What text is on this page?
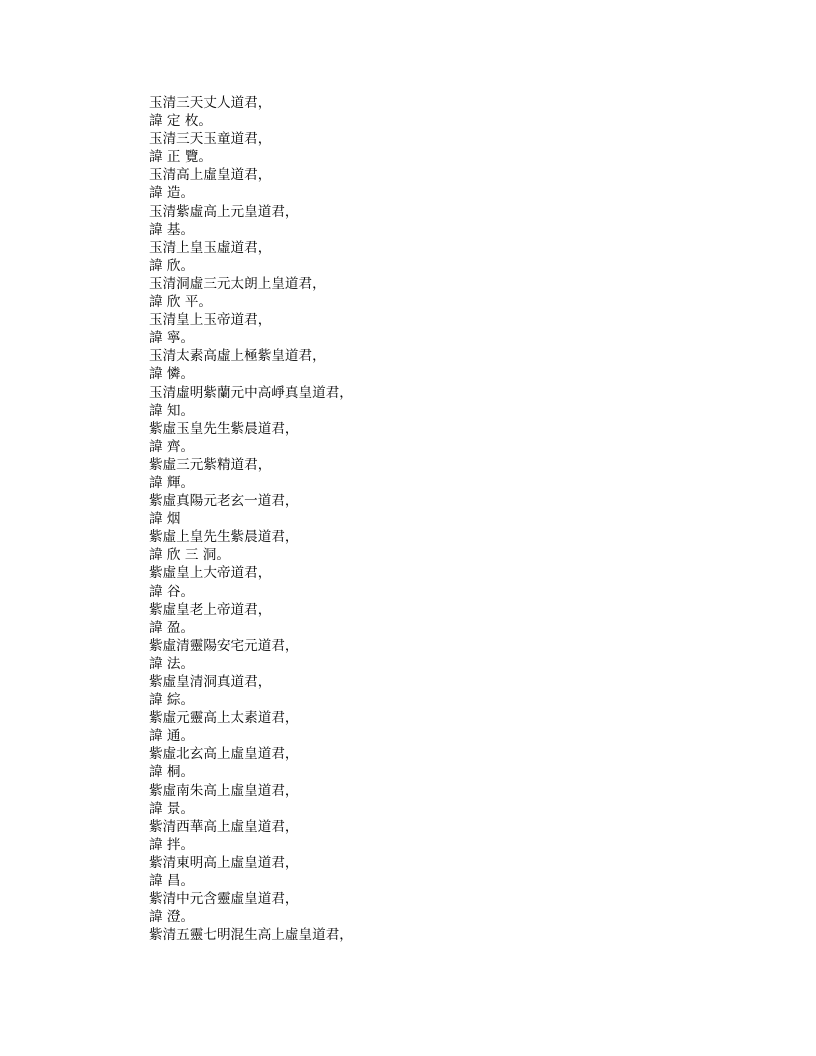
玉清三天丈人道君，
諱 定 枚。
玉清三天玉童道君，
諱 正 覽。
玉清高上虛皇道君，
諱 造。
玉清紫虛高上元皇道君，
諱 基。
玉清上皇玉虛道君，
諱 欣。
玉清洞虛三元太朗上皇道君，
諱 欣 平。
玉清皇上玉帝道君，
諱 寧。
玉清太素高虛上極紫皇道君，
諱 憐。
玉清虛明紫蘭元中高崢真皇道君，
諱 知。
紫虛玉皇先生紫晨道君，
諱 齊。
紫虛三元紫精道君，
諱 輝。
紫虛真陽元老玄一道君，
諱 烟
紫虛上皇先生紫晨道君，
諱 欣 三 洞。
紫虛皇上大帝道君，
諱 谷。
紫虛皇老上帝道君，
諱 盈。
紫虛清靈陽安宅元道君，
諱 法。
紫虛皇清洞真道君，
諱 綜。
紫虛元靈高上太素道君，
諱 通。
紫虛北玄高上虛皇道君，
諱 桐。
紫虛南朱高上虛皇道君，
諱 景。
紫清西華高上虛皇道君，
諱 拌。
紫清東明高上虛皇道君，
諱 昌。
紫清中元含靈虛皇道君，
諱 澄。
紫清五靈七明混生高上虛皇道君，
